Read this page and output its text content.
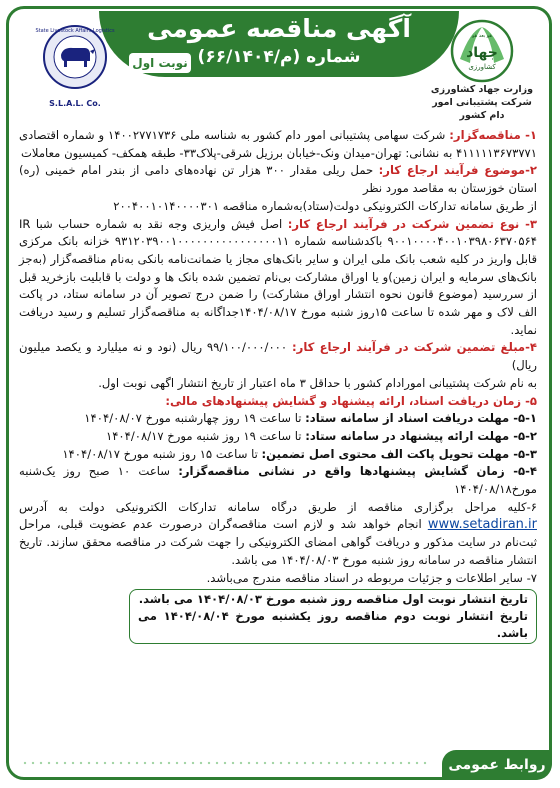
آگهی مناقصه عمومی
شماره (م/۶۶/۱۴۰۴)
نوبت اول
جهاد
کشاورزی
هو بعد هو
وزارت جهاد کشاورزی
شرکت پشتیبانی امور دام کشور
State Livestock Affairs Logistics
S.L.A.L. Co.

۱- مناقصه‌گزار: شرکت سهامی پشتیبانی امور دام کشور به شناسه ملی ۱۴۰۰۲۷۷۱۷۳۶ و شماره اقتصادی ۴۱۱۱۱۱۳۶۷۳۷۷۱ به نشانی: تهران-میدان ونک-خیابان برزیل شرقی-پلاک۳۳- طبقه همکف- کمیسیون معاملات

۲-موضوع فرآیند ارجاع کار: حمل ریلی مقدار ۳۰۰ هزار تن نهاده‌های دامی از بندر امام خمینی (ره) استان خوزستان به مقاصد مورد نظر

از طریق سامانه تدارکات الکترونیکی دولت(ستاد)به‌شماره مناقصه ۲۰۰۴۰۰۱۰۱۴۰۰۰۰۳۰۱

۳- نوع تضمین شرکت در فرآیند ارجاع کار: اصل فیش واریزی وجه نقد به شماره حساب شبا IR ۹۰۰۱۰۰۰۰۴۰۰۱۰۳۹۸۰۶۳۷۰۵۶۴ باکدشناسه شماره ۹۳۱۲۰۳۹۰۰۱۰۰۰۰۰۰۰۰۰۰۰۰۰۰۰۰۱۱ خزانه بانک مرکزی قابل واریز در کلیه شعب بانک ملی ایران و سایر بانک‌های مجاز یا ضمانت‌نامه بانکی به‌نام مناقصه‌گزار (به‌جز بانک‌های سرمایه و ایران زمین)و یا اوراق مشارکت بی‌نام تضمین شده بانک ها و دولت با قابلیت بازخرید قبل از سررسید (موضوع قانون نحوه انتشار اوراق مشارکت) را ضمن درج تصویر آن در سامانه ستاد، در پاکت الف لاک و مهر شده تا ساعت ۱۵روز شنبه مورخ ۱۴۰۴/۰۸/۱۷جداگانه به مناقصه‌گزار تسلیم و رسید دریافت نماید.

۴-مبلغ تضمین شرکت در فرآیند ارجاع کار: ۹۹/۱۰۰/۰۰۰/۰۰۰ ریال (نود و نه میلیارد و یکصد میلیون ریال)

به نام شرکت پشتیبانی امورادام کشور با حداقل ۳ ماه اعتبار از تاریخ انتشار اگهی نوبت اول.

۵- زمان دریافت اسناد، ارائه پیشنهاد و گشایش پیشنهادهای مالی:

۵-۱- مهلت دریافت اسناد از سامانه ستاد: تا ساعت ۱۹ روز چهارشنبه مورخ ۱۴۰۴/۰۸/۰۷

۵-۲- مهلت ارائه پیشنهاد در سامانه ستاد: تا ساعت ۱۹ روز شنبه مورخ ۱۴۰۴/۰۸/۱۷

۵-۳- مهلت تحویل پاکت الف محتوی اصل تضمین: تا ساعت ۱۵ روز شنبه مورخ ۱۴۰۴/۰۸/۱۷

۵-۴- زمان گشایش پیشنهادها واقع در نشانی مناقصه‌گزار: ساعت ۱۰ صبح روز یک‌شنبه مورخ۱۴۰۴/۰۸/۱۸

۶-کلیه مراحل برگزاری مناقصه از طریق درگاه سامانه تدارکات الکترونیکی دولت به آدرس www.setadiran.ir انجام خواهد شد و لازم است مناقصه‌گران درصورت عدم عضویت قبلی، مراحل ثبت‌نام در سایت مذکور و دریافت گواهی امضای الکترونیکی را جهت شرکت در مناقصه محقق سازند. تاریخ انتشار مناقصه در سامانه روز شنبه مورخ ۱۴۰۴/۰۸/۰۳ می باشد.

۷- سایر اطلاعات و جزئیات مربوطه در اسناد مناقصه مندرج می‌باشد.

تاریخ انتشار نوبت اول مناقصه روز شنبه مورخ ۱۴۰۴/۰۸/۰۳ می باشد.
تاریخ انتشار نوبت دوم مناقصه روز یکشنبه مورخ ۱۴۰۴/۰۸/۰۴ می باشد.
روابط عمومی
